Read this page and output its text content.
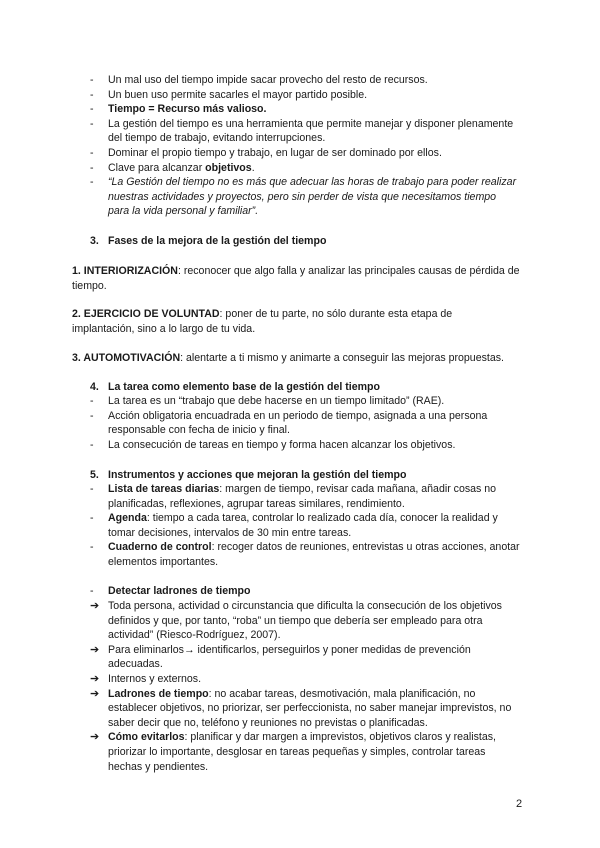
- Un mal uso del tiempo impide sacar provecho del resto de recursos.
- Un buen uso permite sacarles el mayor partido posible.
- Tiempo = Recurso más valioso.
- La gestión del tiempo es una herramienta que permite manejar y disponer plenamente del tiempo de trabajo, evitando interrupciones.
- Dominar el propio tiempo y trabajo, en lugar de ser dominado por ellos.
- Clave para alcanzar objetivos.
- “La Gestión del tiempo no es más que adecuar las horas de trabajo para poder realizar nuestras actividades y proyectos, pero sin perder de vista que necesitamos tiempo para la vida personal y familiar”.
3. Fases de la mejora de la gestión del tiempo
1. INTERIORIZACIÓN: reconocer que algo falla y analizar las principales causas de pérdida de tiempo.
2. EJERCICIO DE VOLUNTAD: poner de tu parte, no sólo durante esta etapa de implantación, sino a lo largo de tu vida.
3. AUTOMOTIVACIÓN: alentarte a ti mismo y animarte a conseguir las mejoras propuestas.
4. La tarea como elemento base de la gestión del tiempo
- La tarea es un “trabajo que debe hacerse en un tiempo limitado” (RAE).
- Acción obligatoria encuadrada en un periodo de tiempo, asignada a una persona responsable con fecha de inicio y final.
- La consecución de tareas en tiempo y forma hacen alcanzar los objetivos.
5. Instrumentos y acciones que mejoran la gestión del tiempo
- Lista de tareas diarias: margen de tiempo, revisar cada mañana, añadir cosas no planificadas, reflexiones, agrupar tareas similares, rendimiento.
- Agenda: tiempo a cada tarea, controlar lo realizado cada día, conocer la realidad y tomar decisiones, intervalos de 30 min entre tareas.
- Cuaderno de control: recoger datos de reuniones, entrevistas u otras acciones, anotar elementos importantes.
- Detectar ladrones de tiempo
➔ Toda persona, actividad o circunstancia que dificulta la consecución de los objetivos definidos y que, por tanto, “roba” un tiempo que debería ser empleado para otra actividad” (Riesco-Rodríguez, 2007).
➔ Para eliminarlos→ identificarlos, perseguirlos y poner medidas de prevención adecuadas.
➔ Internos y externos.
➔ Ladrones de tiempo: no acabar tareas, desmotivación, mala planificación, no establecer objetivos, no priorizar, ser perfeccionista, no saber manejar imprevistos, no saber decir que no, teléfono y reuniones no previstas o planificadas.
➔ Cómo evitarlos: planificar y dar margen a imprevistos, objetivos claros y realistas, priorizar lo importante, desglosar en tareas pequeñas y simples, controlar tareas hechas y pendientes.
2
